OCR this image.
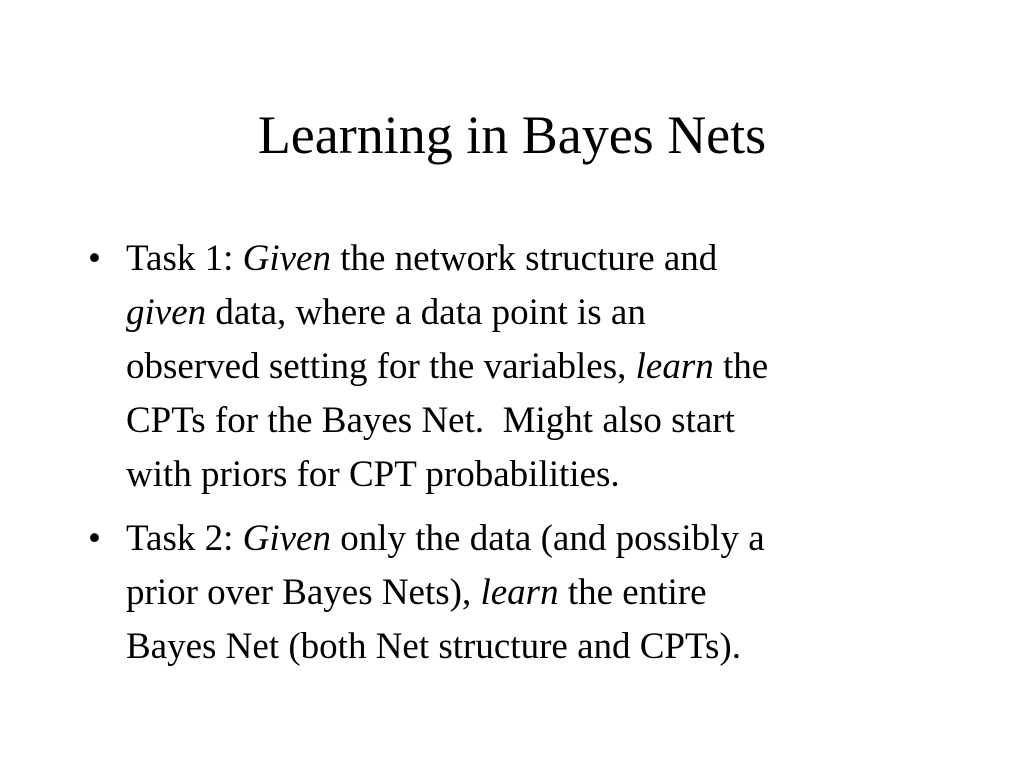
Learning in Bayes Nets
• Task 1: Given the network structure and
given data, where a data point is an
observed setting for the variables, learn the
CPTs for the Bayes Net.  Might also start
with priors for CPT probabilities.
• Task 2: Given only the data (and possibly a
prior over Bayes Nets), learn the entire
Bayes Net (both Net structure and CPTs).
